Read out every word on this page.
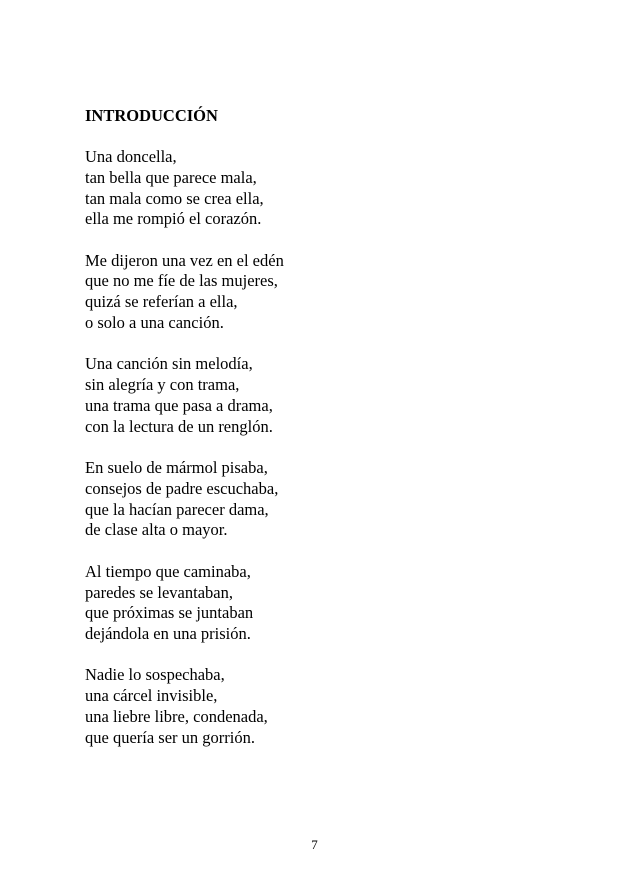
INTRODUCCIÓN
Una doncella,
tan bella que parece mala,
tan mala como se crea ella,
ella me rompió el corazón.
Me dijeron una vez en el edén
que no me fíe de las mujeres,
quizá se referían a ella,
o solo a una canción.
Una canción sin melodía,
sin alegría y con trama,
una trama que pasa a drama,
con la lectura de un renglón.
En suelo de mármol pisaba,
consejos de padre escuchaba,
que la hacían parecer dama,
de clase alta o mayor.
Al tiempo que caminaba,
paredes se levantaban,
que próximas se juntaban
dejándola en una prisión.
Nadie lo sospechaba,
una cárcel invisible,
una liebre libre, condenada,
que quería ser un gorrión.
7
